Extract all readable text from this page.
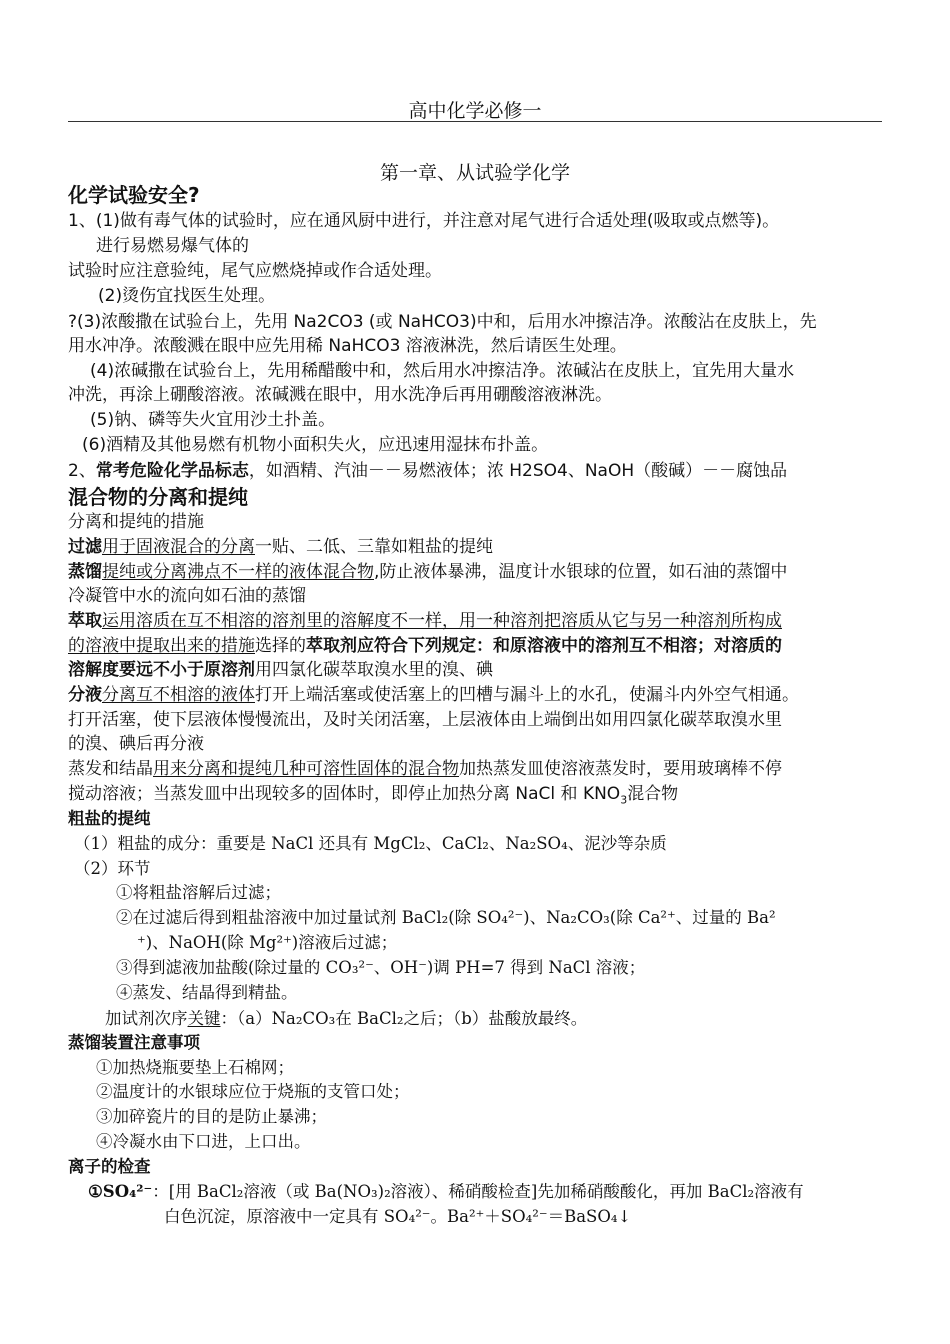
高中化学必修一
第一章、从试验学化学
化学试验安全?
1、(1)做有毒气体的试验时，应在通风厨中进行，并注意对尾气进行合适处理(吸取或点燃等)。
进行易燃易爆气体的
试验时应注意验纯，尾气应燃烧掉或作合适处理。
(2)烫伤宜找医生处理。
?(3)浓酸撒在试验台上，先用 Na2CO3 (或 NaHCO3)中和，后用水冲擦洁净。浓酸沾在皮肤上，先
用水冲净。浓酸溅在眼中应先用稀 NaHCO3 溶液淋洗，然后请医生处理。
(4)浓碱撒在试验台上，先用稀醋酸中和，然后用水冲擦洁净。浓碱沾在皮肤上，宜先用大量水
冲洗，再涂上硼酸溶液。浓碱溅在眼中，用水洗净后再用硼酸溶液淋洗。
(5)钠、磷等失火宜用沙土扑盖。
(6)酒精及其他易燃有机物小面积失火，应迅速用湿抹布扑盖。
2、常考危险化学品标志，如酒精、汽油－－易燃液体；浓 H2SO4、NaOH（酸碱）－－腐蚀品
混合物的分离和提纯
分离和提纯的措施
过滤用于固液混合的分离一贴、二低、三靠如粗盐的提纯
蒸馏提纯或分离沸点不一样的液体混合物,防止液体暴沸，温度计水银球的位置，如石油的蒸馏中
冷凝管中水的流向如石油的蒸馏
萃取运用溶质在互不相溶的溶剂里的溶解度不一样，用一种溶剂把溶质从它与另一种溶剂所构成
的溶液中提取出来的措施选择的萃取剂应符合下列规定：和原溶液中的溶剂互不相溶；对溶质的
溶解度要远不小于原溶剂用四氯化碳萃取溴水里的溴、碘
分液分离互不相溶的液体打开上端活塞或使活塞上的凹槽与漏斗上的水孔，使漏斗内外空气相通。
打开活塞，使下层液体慢慢流出，及时关闭活塞，上层液体由上端倒出如用四氯化碳萃取溴水里
的溴、碘后再分液
蒸发和结晶用来分离和提纯几种可溶性固体的混合物加热蒸发皿使溶液蒸发时，要用玻璃棒不停
搅动溶液；当蒸发皿中出现较多的固体时，即停止加热分离 NaCl 和 $KNO_3$混合物
粗盐的提纯
（1）粗盐的成分：重要是 NaCl 还具有 MgCl₂、CaCl₂、Na₂SO₄、泥沙等杂质
（2）环节
①将粗盐溶解后过滤；
②在过滤后得到粗盐溶液中加过量试剂 BaCl₂(除 SO₄²⁻)、Na₂CO₃(除 Ca²⁺、过量的 Ba²
⁺)、NaOH(除 Mg²⁺)溶液后过滤；
③得到滤液加盐酸(除过量的 CO₃²⁻、OH⁻)调 PH=7 得到 NaCl 溶液；
④蒸发、结晶得到精盐。
加试剂次序关键：（a）Na₂CO₃在 BaCl₂之后；（b）盐酸放最终。
蒸馏装置注意事项
①加热烧瓶要垫上石棉网；
②温度计的水银球应位于烧瓶的支管口处；
③加碎瓷片的目的是防止暴沸；
④冷凝水由下口进，上口出。
离子的检查
①SO₄²⁻：[用 BaCl₂溶液（或 Ba(NO₃)₂溶液）、稀硝酸检查]先加稀硝酸酸化，再加 BaCl₂溶液有
白色沉淀，原溶液中一定具有 SO₄²⁻。Ba²⁺＋SO₄²⁻＝BaSO₄↓
